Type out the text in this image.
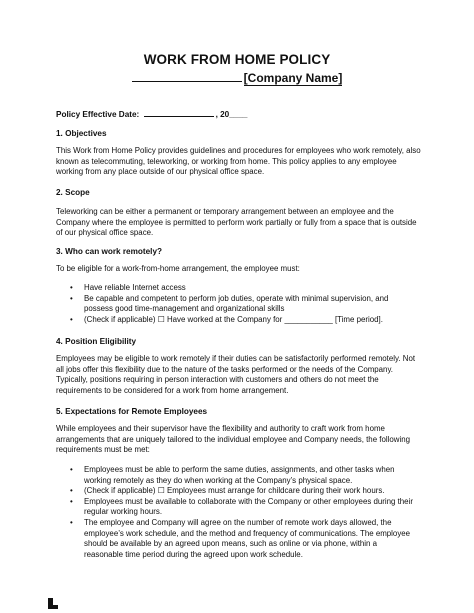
WORK FROM HOME POLICY
[Company Name]
Policy Effective Date:	, 20____
1. Objectives
This Work from Home Policy provides guidelines and procedures for employees who work remotely, also known as telecommuting, teleworking, or working from home. This policy applies to any employee working from any place outside of our physical office space.
2. Scope
Teleworking can be either a permanent or temporary arrangement between an employee and the Company where the employee is permitted to perform work partially or fully from a space that is outside of our physical office space.
3. Who can work remotely?
To be eligible for a work-from-home arrangement, the employee must:
• Have reliable Internet access
• Be capable and competent to perform job duties, operate with minimal supervision, and possess good time-management and organizational skills
• (Check if applicable) ☐ Have worked at the Company for ___________ [Time period].
4. Position Eligibility
Employees may be eligible to work remotely if their duties can be satisfactorily performed remotely. Not all jobs offer this flexibility due to the nature of the tasks performed or the needs of the Company. Typically, positions requiring in person interaction with customers and others do not meet the requirements to be considered for a work from home arrangement.
5. Expectations for Remote Employees
While employees and their supervisor have the flexibility and authority to craft work from home arrangements that are uniquely tailored to the individual employee and Company needs, the following requirements must be met:
• Employees must be able to perform the same duties, assignments, and other tasks when working remotely as they do when working at the Company’s physical space.
• (Check if applicable) ☐ Employees must arrange for childcare during their work hours.
• Employees must be available to collaborate with the Company or other employees during their regular working hours.
• The employee and Company will agree on the number of remote work days allowed, the employee’s work schedule, and the method and frequency of communications. The employee should be available by an agreed upon means, such as online or via phone, within a reasonable time period during the agreed upon work schedule.
